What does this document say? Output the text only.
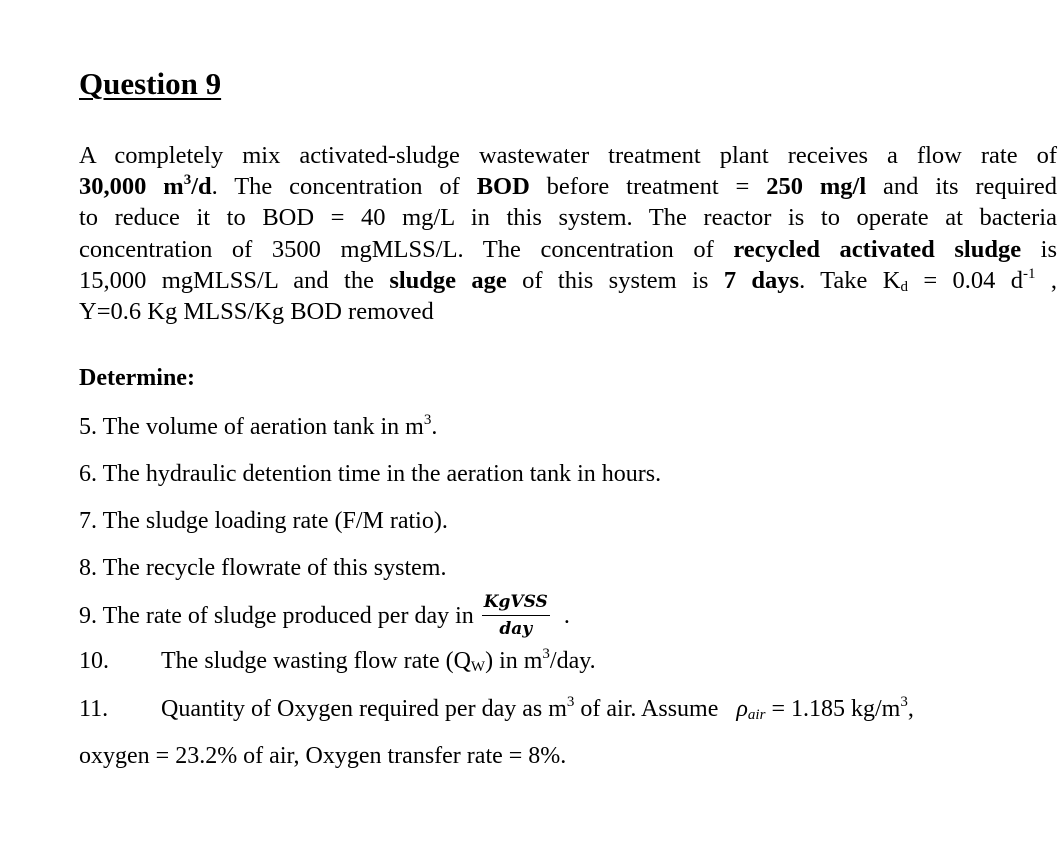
Question 9
A completely mix activated-sludge wastewater treatment plant receives a flow rate of
30,000 $m^3/d$. The concentration of BOD before treatment = 250 mg/l and its required
to reduce it to BOD = 40 mg/L in this system. The reactor is to operate at bacteria
concentration of 3500 mgMLSS/L. The concentration of recycled activated sludge is
15,000 mgMLSS/L and the sludge age of this system is 7 days. Take $K_d = 0.04$ $d^{-1}$ ,
Y=0.6 Kg MLSS/Kg BOD removed
Determine:
5. The volume of aeration tank in $m^3$.
6. The hydraulic detention time in the aeration tank in hours.
7. The sludge loading rate (F/M ratio).
8. The recycle flowrate of this system.
9. The rate of sludge produced per day in $\frac{\text{KgVSS}}{\text{day}}$ .
10. The sludge wasting flow rate $(Q_W)$ in $m^3$/day.
11. Quantity of Oxygen required per day as $m^3$ of air. Assume $\rho_{air} = 1.185$ $kg/m^3$,
oxygen = 23.2% of air, Oxygen transfer rate = 8%.
